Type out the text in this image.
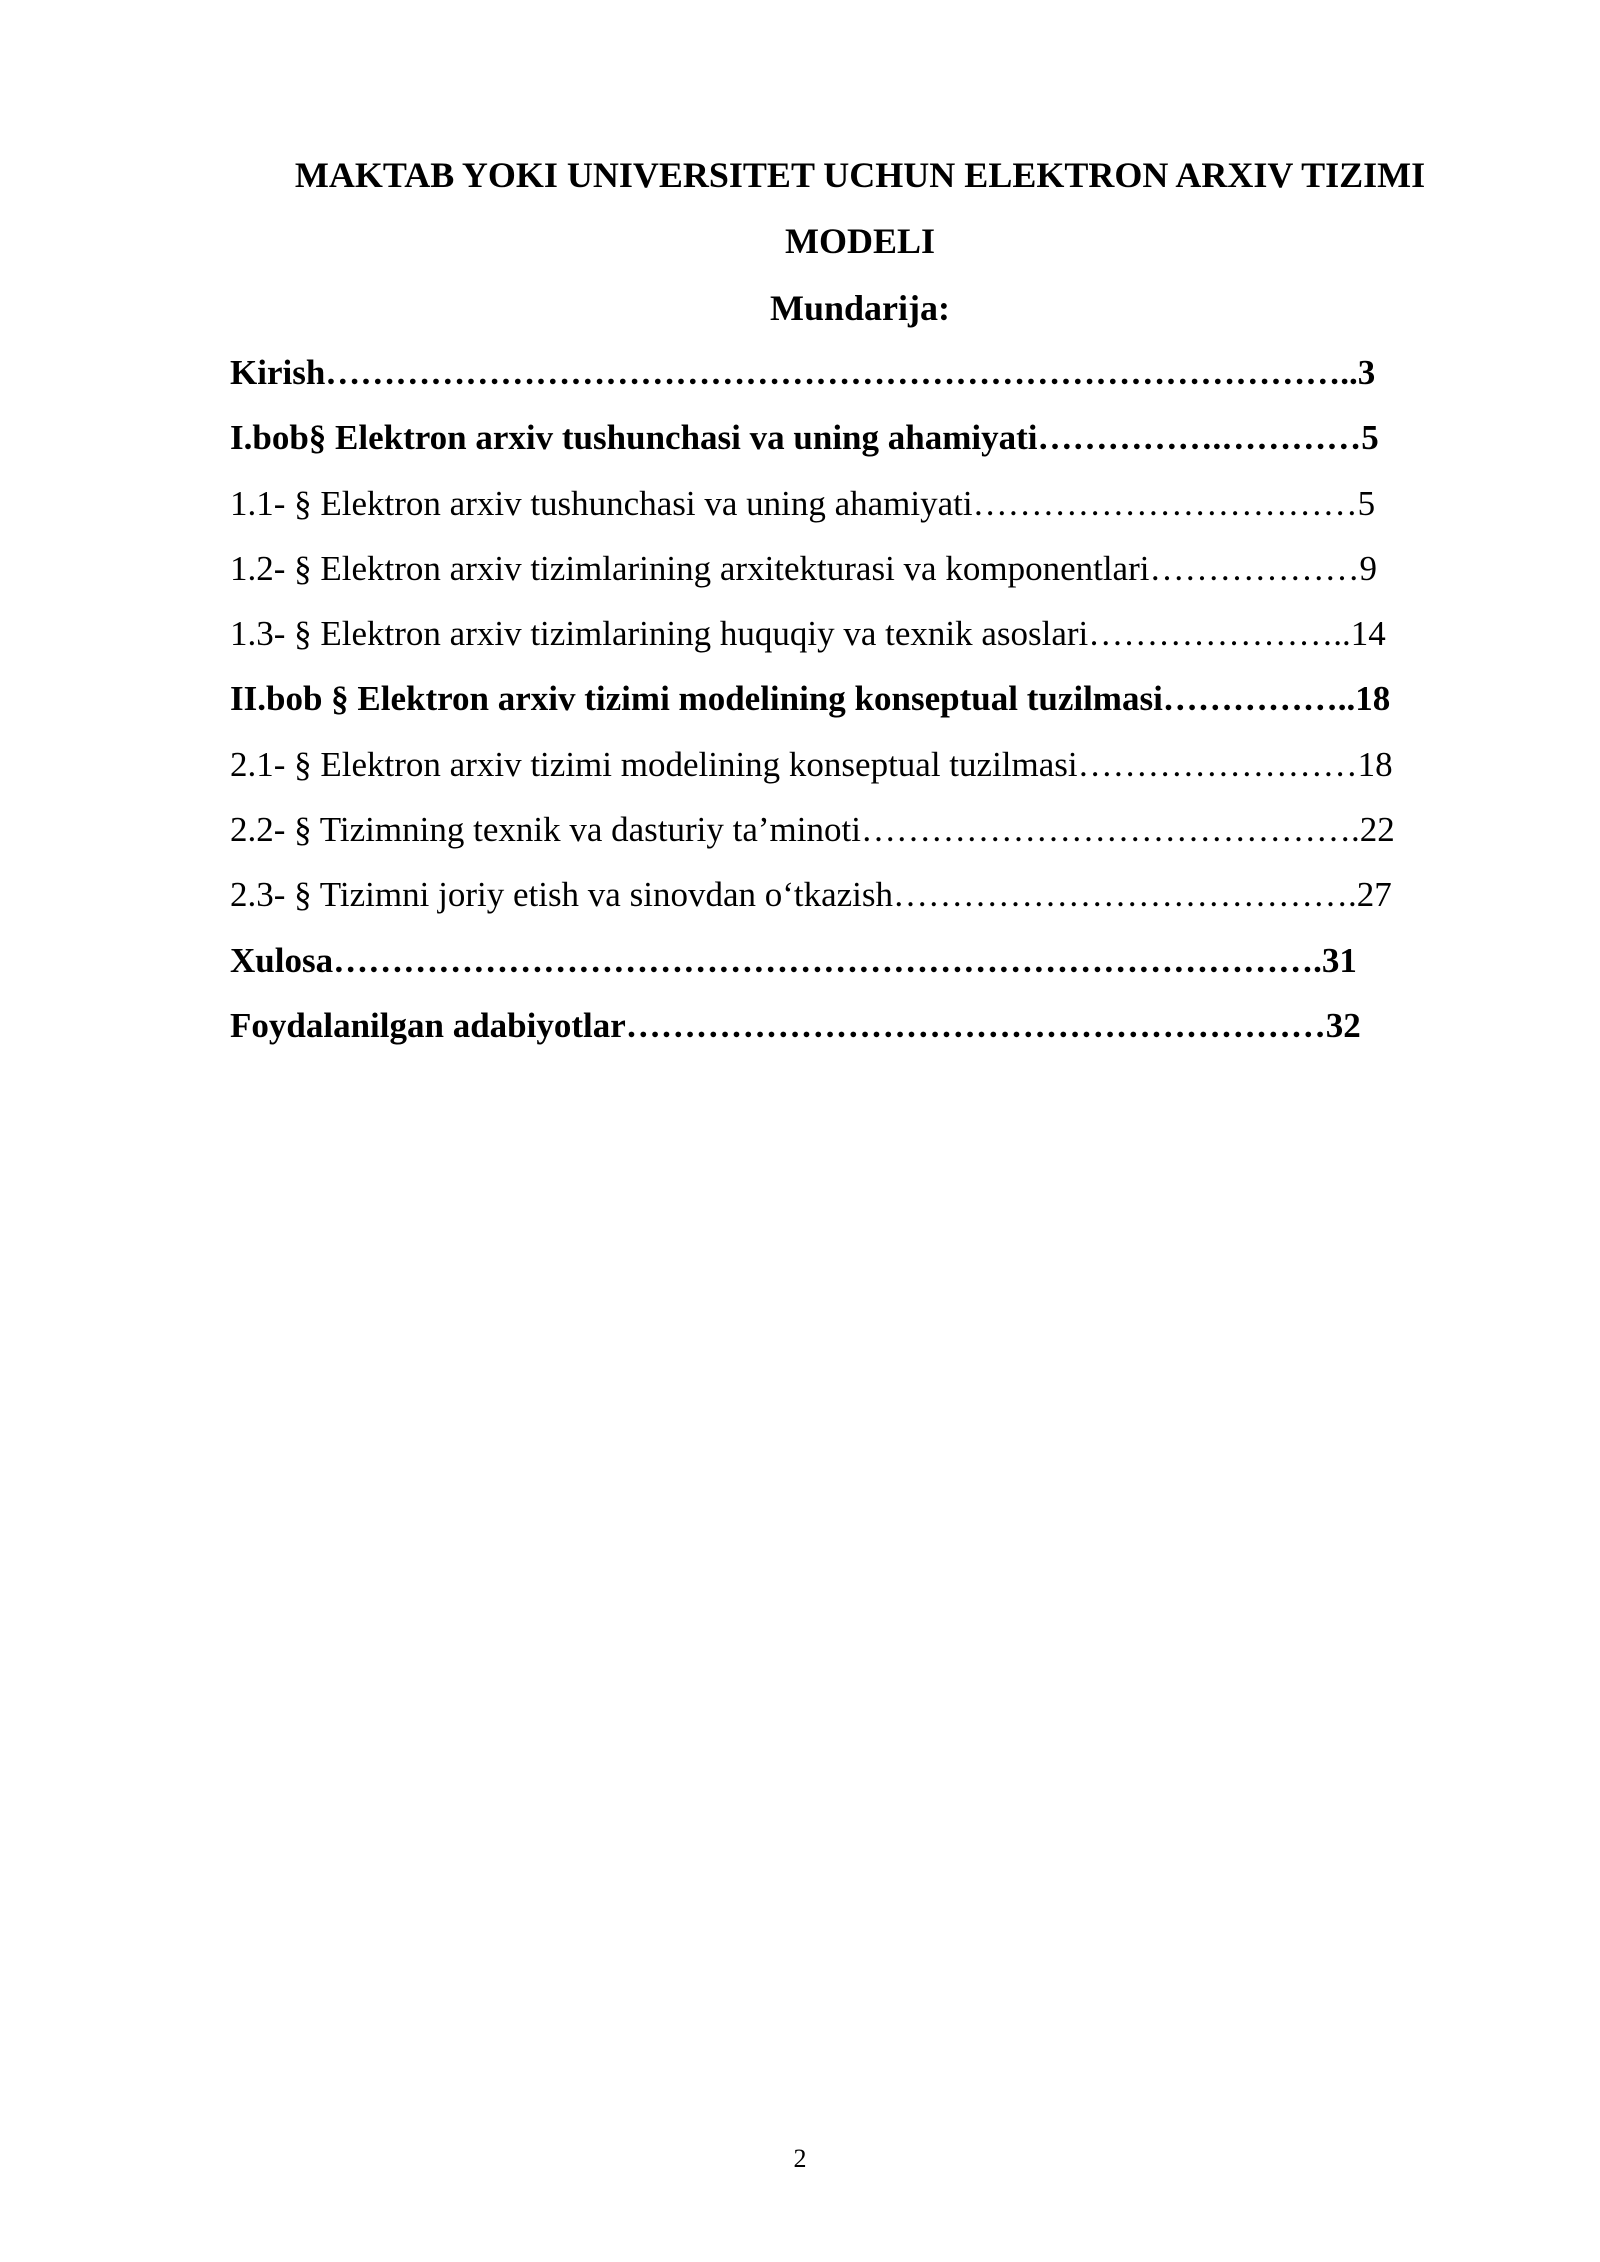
MAKTAB YOKI UNIVERSITET UCHUN ELEKTRON ARXIV TIZIMI
MODELI
Mundarija:
Kirish……………………………………………………………………………..3
I.bob§ Elektron arxiv tushunchasi va uning ahamiyati…………….…………5
1.1- § Elektron arxiv tushunchasi va uning ahamiyati……………………………5
1.2- § Elektron arxiv tizimlarining arxitekturasi va komponentlari………………9
1.3- § Elektron arxiv tizimlarining huquqiy va texnik asoslari…………………..14
II.bob § Elektron arxiv tizimi modelining konseptual tuzilmasi……………..18
2.1- § Elektron arxiv tizimi modelining konseptual tuzilmasi……………………18
2.2- § Tizimning texnik va dasturiy ta’minoti…………………………………….22
2.3- § Tizimni joriy etish va sinovdan o‘tkazish………………………………….27
Xulosa………………………………………………………………………….31
Foydalanilgan adabiyotlar……………………………………………………32
2
